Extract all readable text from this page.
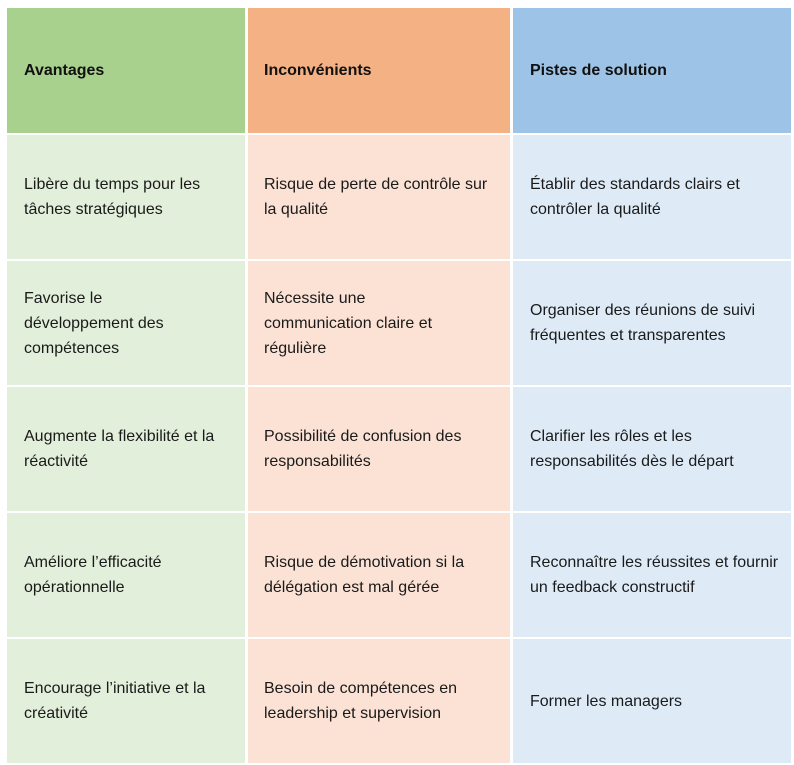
Avantages	Inconvénients	Pistes de solution
Libère du temps pour les tâches stratégiques
Risque de perte de contrôle sur la qualité
Établir des standards clairs et contrôler la qualité
Favorise le développement des compétences
Nécessite une communication claire et régulière
Organiser des réunions de suivi fréquentes et transparentes
Augmente la flexibilité et la réactivité
Possibilité de confusion des responsabilités
Clarifier les rôles et les responsabilités dès le départ
Améliore l’efficacité opérationnelle
Risque de démotivation si la délégation est mal gérée
Reconnaître les réussites et fournir un feedback constructif
Encourage l’initiative et la créativité
Besoin de compétences en leadership et supervision
Former les managers
